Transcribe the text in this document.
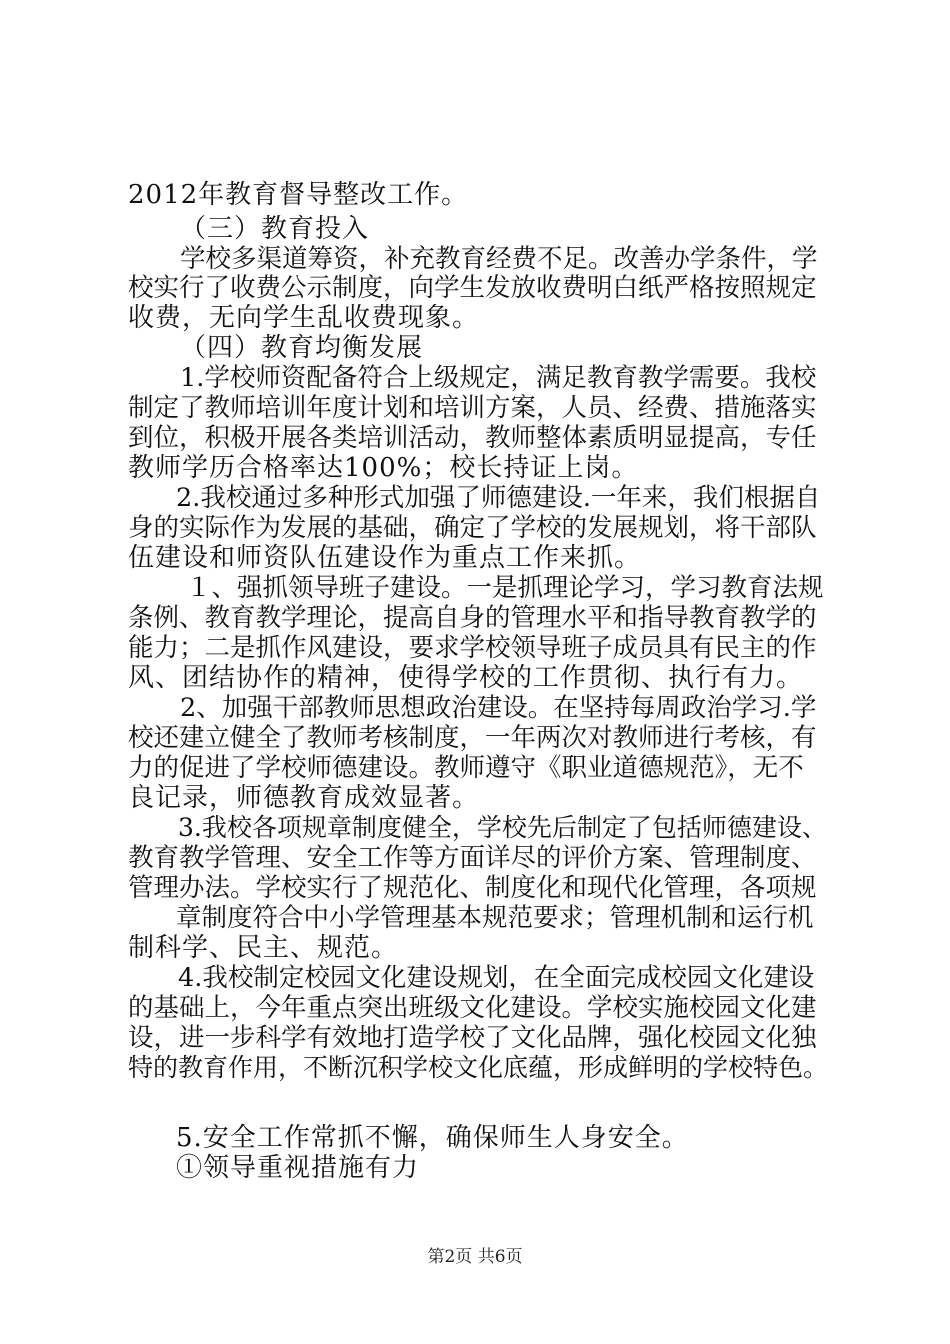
2012年教育督导整改工作。
（三）教育投入
学校多渠道筹资，补充教育经费不足。改善办学条件，学
校实行了收费公示制度，向学生发放收费明白纸严格按照规定
收费，无向学生乱收费现象。
（四）教育均衡发展
1.学校师资配备符合上级规定，满足教育教学需要。我校
制定了教师培训年度计划和培训方案，人员、经费、措施落实
到位，积极开展各类培训活动，教师整体素质明显提高，专任
教师学历合格率达100%；校长持证上岗。
2.我校通过多种形式加强了师德建设.一年来，我们根据自
身的实际作为发展的基础，确定了学校的发展规划，将干部队
伍建设和师资队伍建设作为重点工作来抓。
１、强抓领导班子建设。一是抓理论学习，学习教育法规
条例、教育教学理论，提高自身的管理水平和指导教育教学的
能力；二是抓作风建设，要求学校领导班子成员具有民主的作
风、团结协作的精神，使得学校的工作贯彻、执行有力。
2、加强干部教师思想政治建设。在坚持每周政治学习.学
校还建立健全了教师考核制度，一年两次对教师进行考核，有
力的促进了学校师德建设。教师遵守《职业道德规范》，无不
良记录，师德教育成效显著。
3.我校各项规章制度健全，学校先后制定了包括师德建设、
教育教学管理、安全工作等方面详尽的评价方案、管理制度、
管理办法。学校实行了规范化、制度化和现代化管理，各项规
章制度符合中小学管理基本规范要求；管理机制和运行机
制科学、民主、规范。
4.我校制定校园文化建设规划，在全面完成校园文化建设
的基础上，今年重点突出班级文化建设。学校实施校园文化建
设，进一步科学有效地打造学校了文化品牌，强化校园文化独
特的教育作用，不断沉积学校文化底蕴，形成鲜明的学校特色。
5.安全工作常抓不懈，确保师生人身安全。
①领导重视措施有力
第2页 共6页
